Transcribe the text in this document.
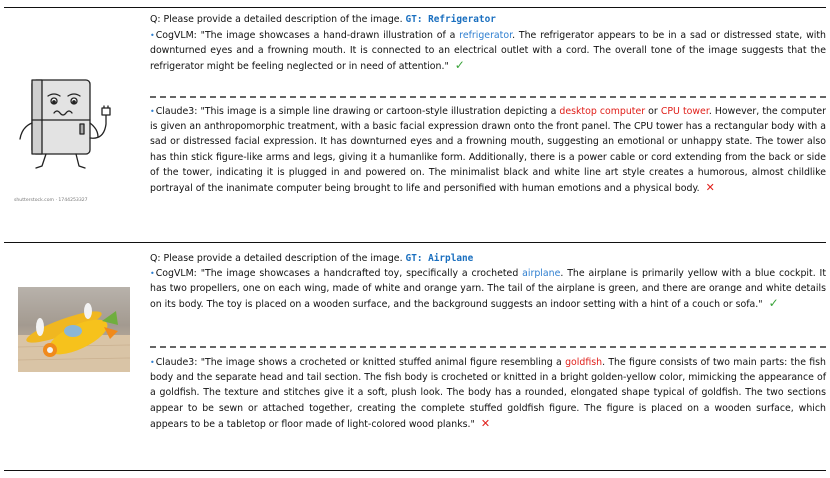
shutterstock.com · 1744253327
Q: Please provide a detailed description of the image. GT: Refrigerator
•CogVLM: "The image showcases a hand-drawn illustration of a refrigerator. The refrigerator appears to be in a sad or distressed state, with downturned eyes and a frowning mouth. It is connected to an electrical outlet with a cord. The overall tone of the image suggests that the refrigerator might be feeling neglected or in need of attention." ✓
•Claude3: "This image is a simple line drawing or cartoon-style illustration depicting a desktop computer or CPU tower. However, the computer is given an anthropomorphic treatment, with a basic facial expression drawn onto the front panel. The CPU tower has a rectangular body with a sad or distressed facial expression. It has downturned eyes and a frowning mouth, suggesting an emotional or unhappy state. The tower also has thin stick figure-like arms and legs, giving it a humanlike form. Additionally, there is a power cable or cord extending from the back or side of the tower, indicating it is plugged in and powered on. The minimalist black and white line art style creates a humorous, almost childlike portrayal of the inanimate computer being brought to life and personified with human emotions and a physical body. ✕
Q: Please provide a detailed description of the image. GT: Airplane
•CogVLM: "The image showcases a handcrafted toy, specifically a crocheted airplane. The airplane is primarily yellow with a blue cockpit. It has two propellers, one on each wing, made of white and orange yarn. The tail of the airplane is green, and there are orange and white details on its body. The toy is placed on a wooden surface, and the background suggests an indoor setting with a hint of a couch or sofa." ✓
•Claude3: "The image shows a crocheted or knitted stuffed animal figure resembling a goldfish. The figure consists of two main parts: the fish body and the separate head and tail section. The fish body is crocheted or knitted in a bright golden-yellow color, mimicking the appearance of a goldfish. The texture and stitches give it a soft, plush look. The body has a rounded, elongated shape typical of goldfish. The two sections appear to be sewn or attached together, creating the complete stuffed goldfish figure. The figure is placed on a wooden surface, which appears to be a tabletop or floor made of light-colored wood planks." ✕
